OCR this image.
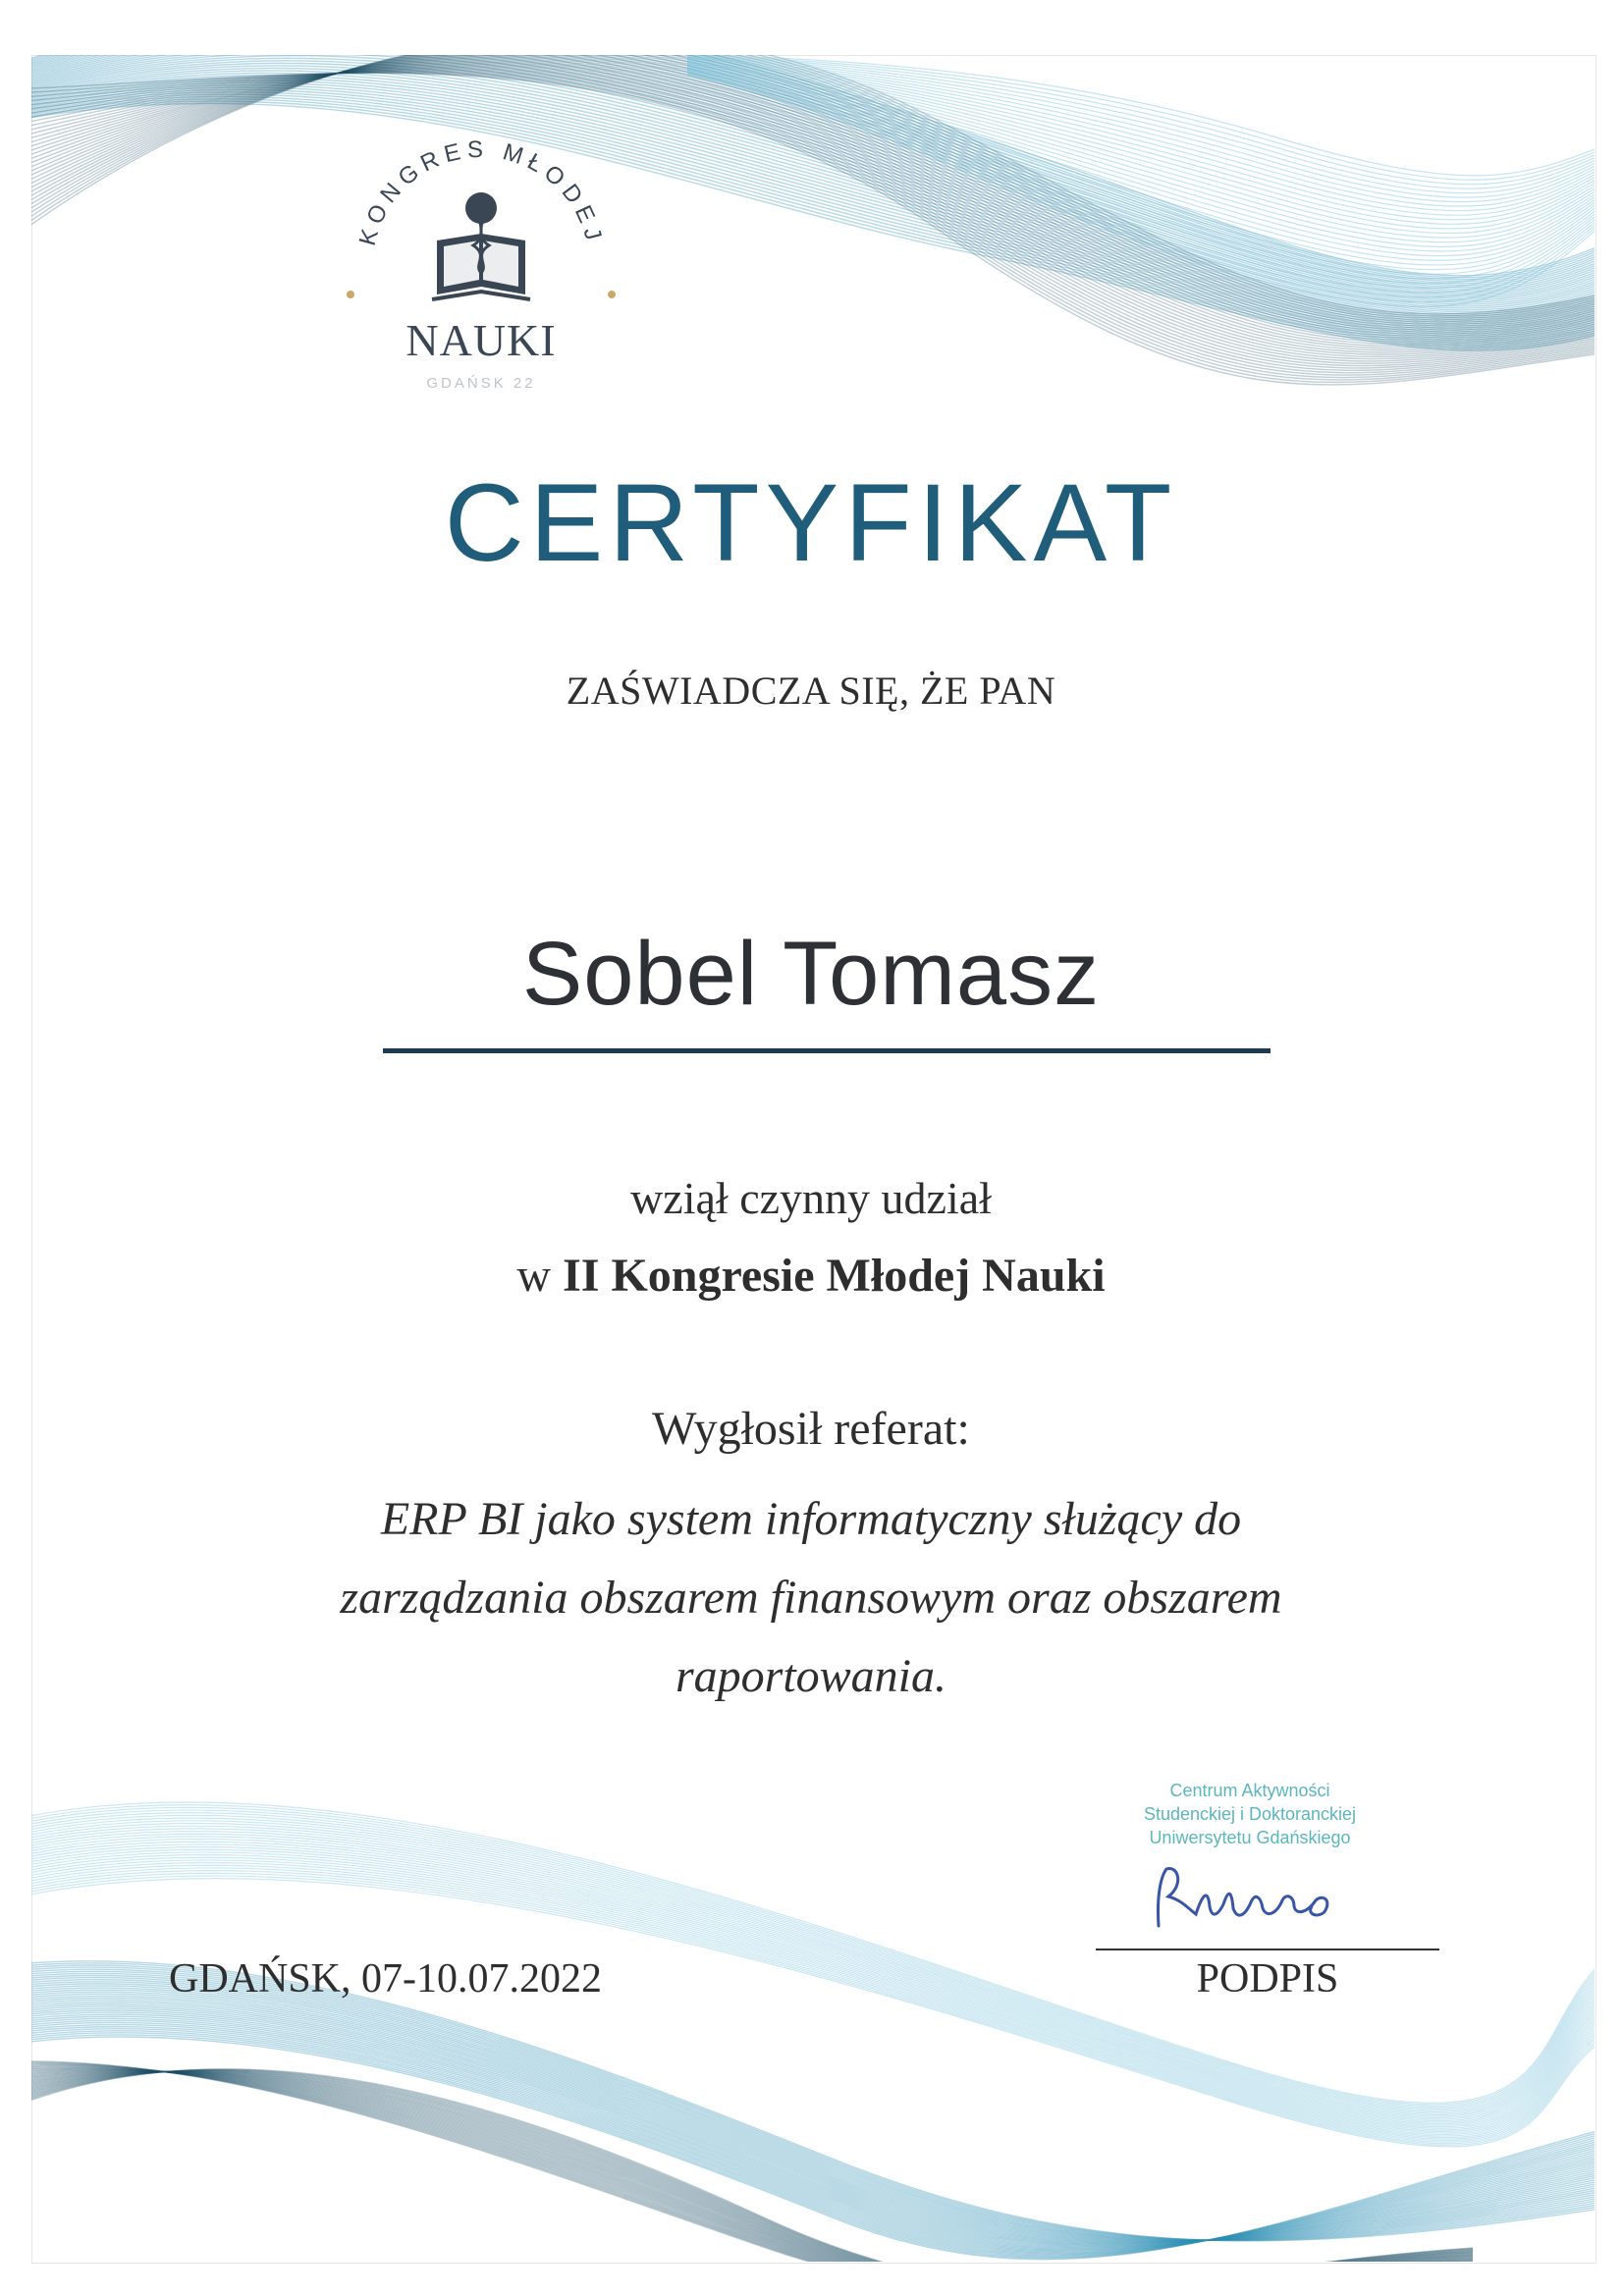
KONGRES MŁODEJ
NAUKI
GDAŃSK 22
CERTYFIKAT
ZAŚWIADCZA SIĘ, ŻE PAN
Sobel Tomasz
wziął czynny udział
w II Kongresie Młodej Nauki
Wygłosił referat:
ERP BI jako system informatyczny służący do
zarządzania obszarem finansowym oraz obszarem
raportowania.
Centrum Aktywności
Studenckiej i Doktoranckiej
Uniwersytetu Gdańskiego
PODPIS
GDAŃSK, 07-10.07.2022
